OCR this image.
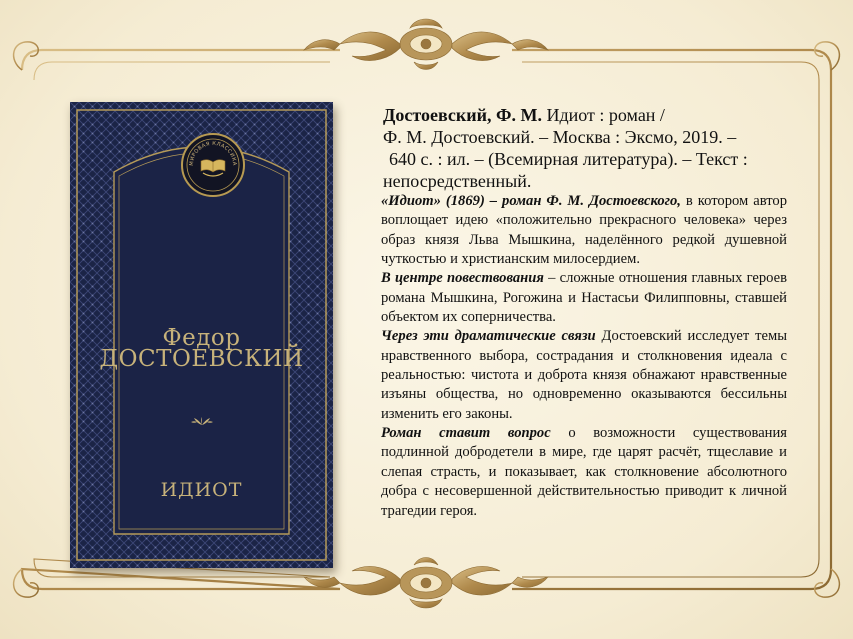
МИРОВАЯ КЛАССИКА
Федор
ДОСТОЕВСКИЙ
ИДИОТ
Достоевский, Ф. М. Идиот : роман /
Ф. М. Достоевский. – Москва : Эксмо, 2019. –

640 с. : ил. – (Всемирная литература). – Текст :
непосредственный.

«Идиот» (1869) – роман Ф. М. Достоевского, в котором автор воплощает идею «положительно прекрасного человека» через образ князя Льва Мышкина, наделённого редкой душевной чуткостью и христианским милосердием.

В центре повествования – сложные отношения главных героев романа Мышкина, Рогожина и Настасьи Филипповны, ставшей объектом их соперничества.

Через эти драматические связи Достоевский исследует темы нравственного выбора, сострадания и столкновения идеала с реальностью: чистота и доброта князя обнажают нравственные изъяны общества, но одновременно оказываются бессильны изменить его законы.

Роман ставит вопрос о возможности существования подлинной добродетели в мире, где царят расчёт, тщеславие и слепая страсть, и показывает, как столкновение абсолютного добра с несовершенной действительностью приводит к личной трагедии героя.
